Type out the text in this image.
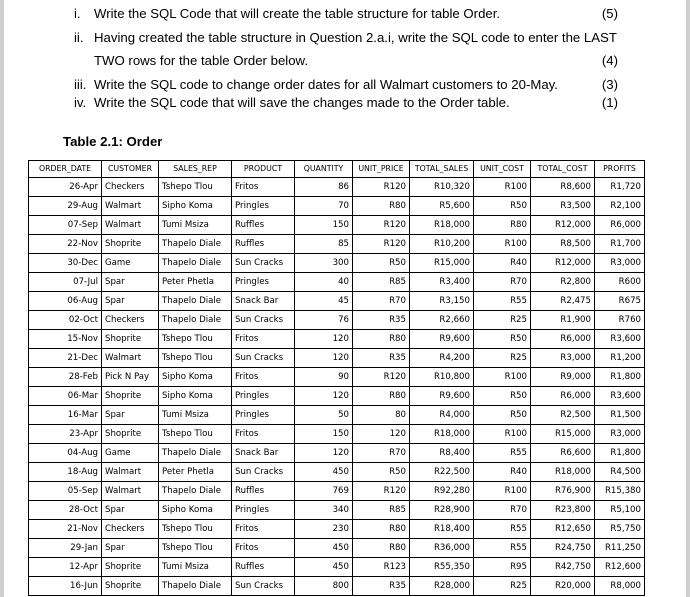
i. Write the SQL Code that will create the table structure for table Order.	(5)
ii. Having created the table structure in Question 2.a.i, write the SQL code to enter the LAST
TWO rows for the table Order below.	(4)
iii. Write the SQL code to change order dates for all Walmart customers to 20-May.	(3)
iv. Write the SQL code that will save the changes made to the Order table.	(1)
Table 2.1: Order
ORDER_DATE	CUSTOMER	SALES_REP	PRODUCT	QUANTITY	UNIT_PRICE	TOTAL_SALES	UNIT_COST	TOTAL_COST	PROFITS
26-Apr	Checkers	Tshepo Tlou	Fritos	86	R120	R10,320	R100	R8,600	R1,720
29-Aug	Walmart	Sipho Koma	Pringles	70	R80	R5,600	R50	R3,500	R2,100
07-Sep	Walmart	Tumi Msiza	Ruffles	150	R120	R18,000	R80	R12,000	R6,000
22-Nov	Shoprite	Thapelo Diale	Ruffles	85	R120	R10,200	R100	R8,500	R1,700
30-Dec	Game	Thapelo Diale	Sun Cracks	300	R50	R15,000	R40	R12,000	R3,000
07-Jul	Spar	Peter Phetla	Pringles	40	R85	R3,400	R70	R2,800	R600
06-Aug	Spar	Thapelo Diale	Snack Bar	45	R70	R3,150	R55	R2,475	R675
02-Oct	Checkers	Thapelo Diale	Sun Cracks	76	R35	R2,660	R25	R1,900	R760
15-Nov	Shoprite	Tshepo Tlou	Fritos	120	R80	R9,600	R50	R6,000	R3,600
21-Dec	Walmart	Tshepo Tlou	Sun Cracks	120	R35	R4,200	R25	R3,000	R1,200
28-Feb	Pick N Pay	Sipho Koma	Fritos	90	R120	R10,800	R100	R9,000	R1,800
06-Mar	Shoprite	Sipho Koma	Pringles	120	R80	R9,600	R50	R6,000	R3,600
16-Mar	Spar	Tumi Msiza	Pringles	50	80	R4,000	R50	R2,500	R1,500
23-Apr	Shoprite	Tshepo Tlou	Fritos	150	120	R18,000	R100	R15,000	R3,000
04-Aug	Game	Thapelo Diale	Snack Bar	120	R70	R8,400	R55	R6,600	R1,800
18-Aug	Walmart	Peter Phetla	Sun Cracks	450	R50	R22,500	R40	R18,000	R4,500
05-Sep	Walmart	Thapelo Diale	Ruffles	769	R120	R92,280	R100	R76,900	R15,380
28-Oct	Spar	Sipho Koma	Pringles	340	R85	R28,900	R70	R23,800	R5,100
21-Nov	Checkers	Tshepo Tlou	Fritos	230	R80	R18,400	R55	R12,650	R5,750
29-Jan	Spar	Tshepo Tlou	Fritos	450	R80	R36,000	R55	R24,750	R11,250
12-Apr	Shoprite	Tumi Msiza	Ruffles	450	R123	R55,350	R95	R42,750	R12,600
16-Jun	Shoprite	Thapelo Diale	Sun Cracks	800	R35	R28,000	R25	R20,000	R8,000
